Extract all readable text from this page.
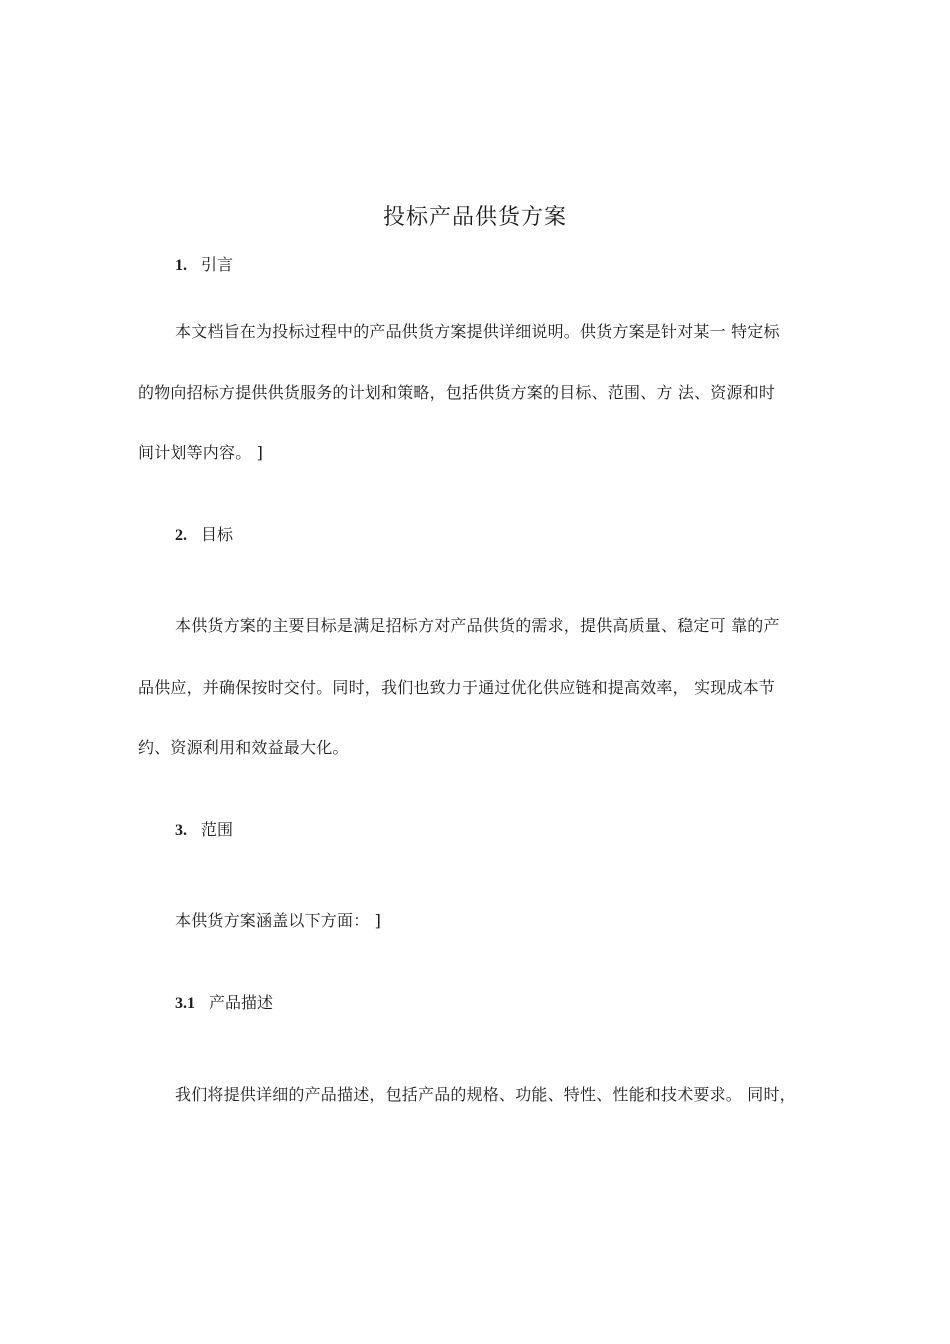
投标产品供货方案
1. 引言
本文档旨在为投标过程中的产品供货方案提供详细说明。供货方案是针对某一 特定标
的物向招标方提供供货服务的计划和策略，包括供货方案的目标、范围、方 法、资源和时
间计划等内容。 ]
2. 目标
本供货方案的主要目标是满足招标方对产品供货的需求，提供高质量、稳定可 靠的产
品供应，并确保按时交付。同时，我们也致力于通过优化供应链和提高效率， 实现成本节
约、资源利用和效益最大化。
3. 范围
本供货方案涵盖以下方面： ]
3.1 产品描述
我们将提供详细的产品描述，包括产品的规格、功能、特性、性能和技术要求。 同时，
